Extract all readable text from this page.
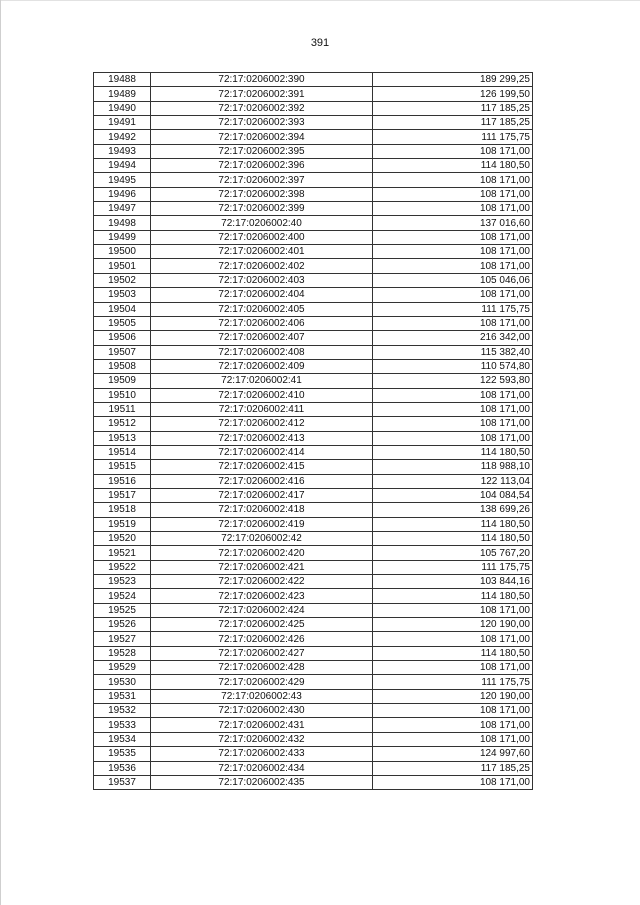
391
19488	72:17:0206002:390	189 299,25
19489	72:17:0206002:391	126 199,50
19490	72:17:0206002:392	117 185,25
19491	72:17:0206002:393	117 185,25
19492	72:17:0206002:394	111 175,75
19493	72:17:0206002:395	108 171,00
19494	72:17:0206002:396	114 180,50
19495	72:17:0206002:397	108 171,00
19496	72:17:0206002:398	108 171,00
19497	72:17:0206002:399	108 171,00
19498	72:17:0206002:40	137 016,60
19499	72:17:0206002:400	108 171,00
19500	72:17:0206002:401	108 171,00
19501	72:17:0206002:402	108 171,00
19502	72:17:0206002:403	105 046,06
19503	72:17:0206002:404	108 171,00
19504	72:17:0206002:405	111 175,75
19505	72:17:0206002:406	108 171,00
19506	72:17:0206002:407	216 342,00
19507	72:17:0206002:408	115 382,40
19508	72:17:0206002:409	110 574,80
19509	72:17:0206002:41	122 593,80
19510	72:17:0206002:410	108 171,00
19511	72:17:0206002:411	108 171,00
19512	72:17:0206002:412	108 171,00
19513	72:17:0206002:413	108 171,00
19514	72:17:0206002:414	114 180,50
19515	72:17:0206002:415	118 988,10
19516	72:17:0206002:416	122 113,04
19517	72:17:0206002:417	104 084,54
19518	72:17:0206002:418	138 699,26
19519	72:17:0206002:419	114 180,50
19520	72:17:0206002:42	114 180,50
19521	72:17:0206002:420	105 767,20
19522	72:17:0206002:421	111 175,75
19523	72:17:0206002:422	103 844,16
19524	72:17:0206002:423	114 180,50
19525	72:17:0206002:424	108 171,00
19526	72:17:0206002:425	120 190,00
19527	72:17:0206002:426	108 171,00
19528	72:17:0206002:427	114 180,50
19529	72:17:0206002:428	108 171,00
19530	72:17:0206002:429	111 175,75
19531	72:17:0206002:43	120 190,00
19532	72:17:0206002:430	108 171,00
19533	72:17:0206002:431	108 171,00
19534	72:17:0206002:432	108 171,00
19535	72:17:0206002:433	124 997,60
19536	72:17:0206002:434	117 185,25
19537	72:17:0206002:435	108 171,00
